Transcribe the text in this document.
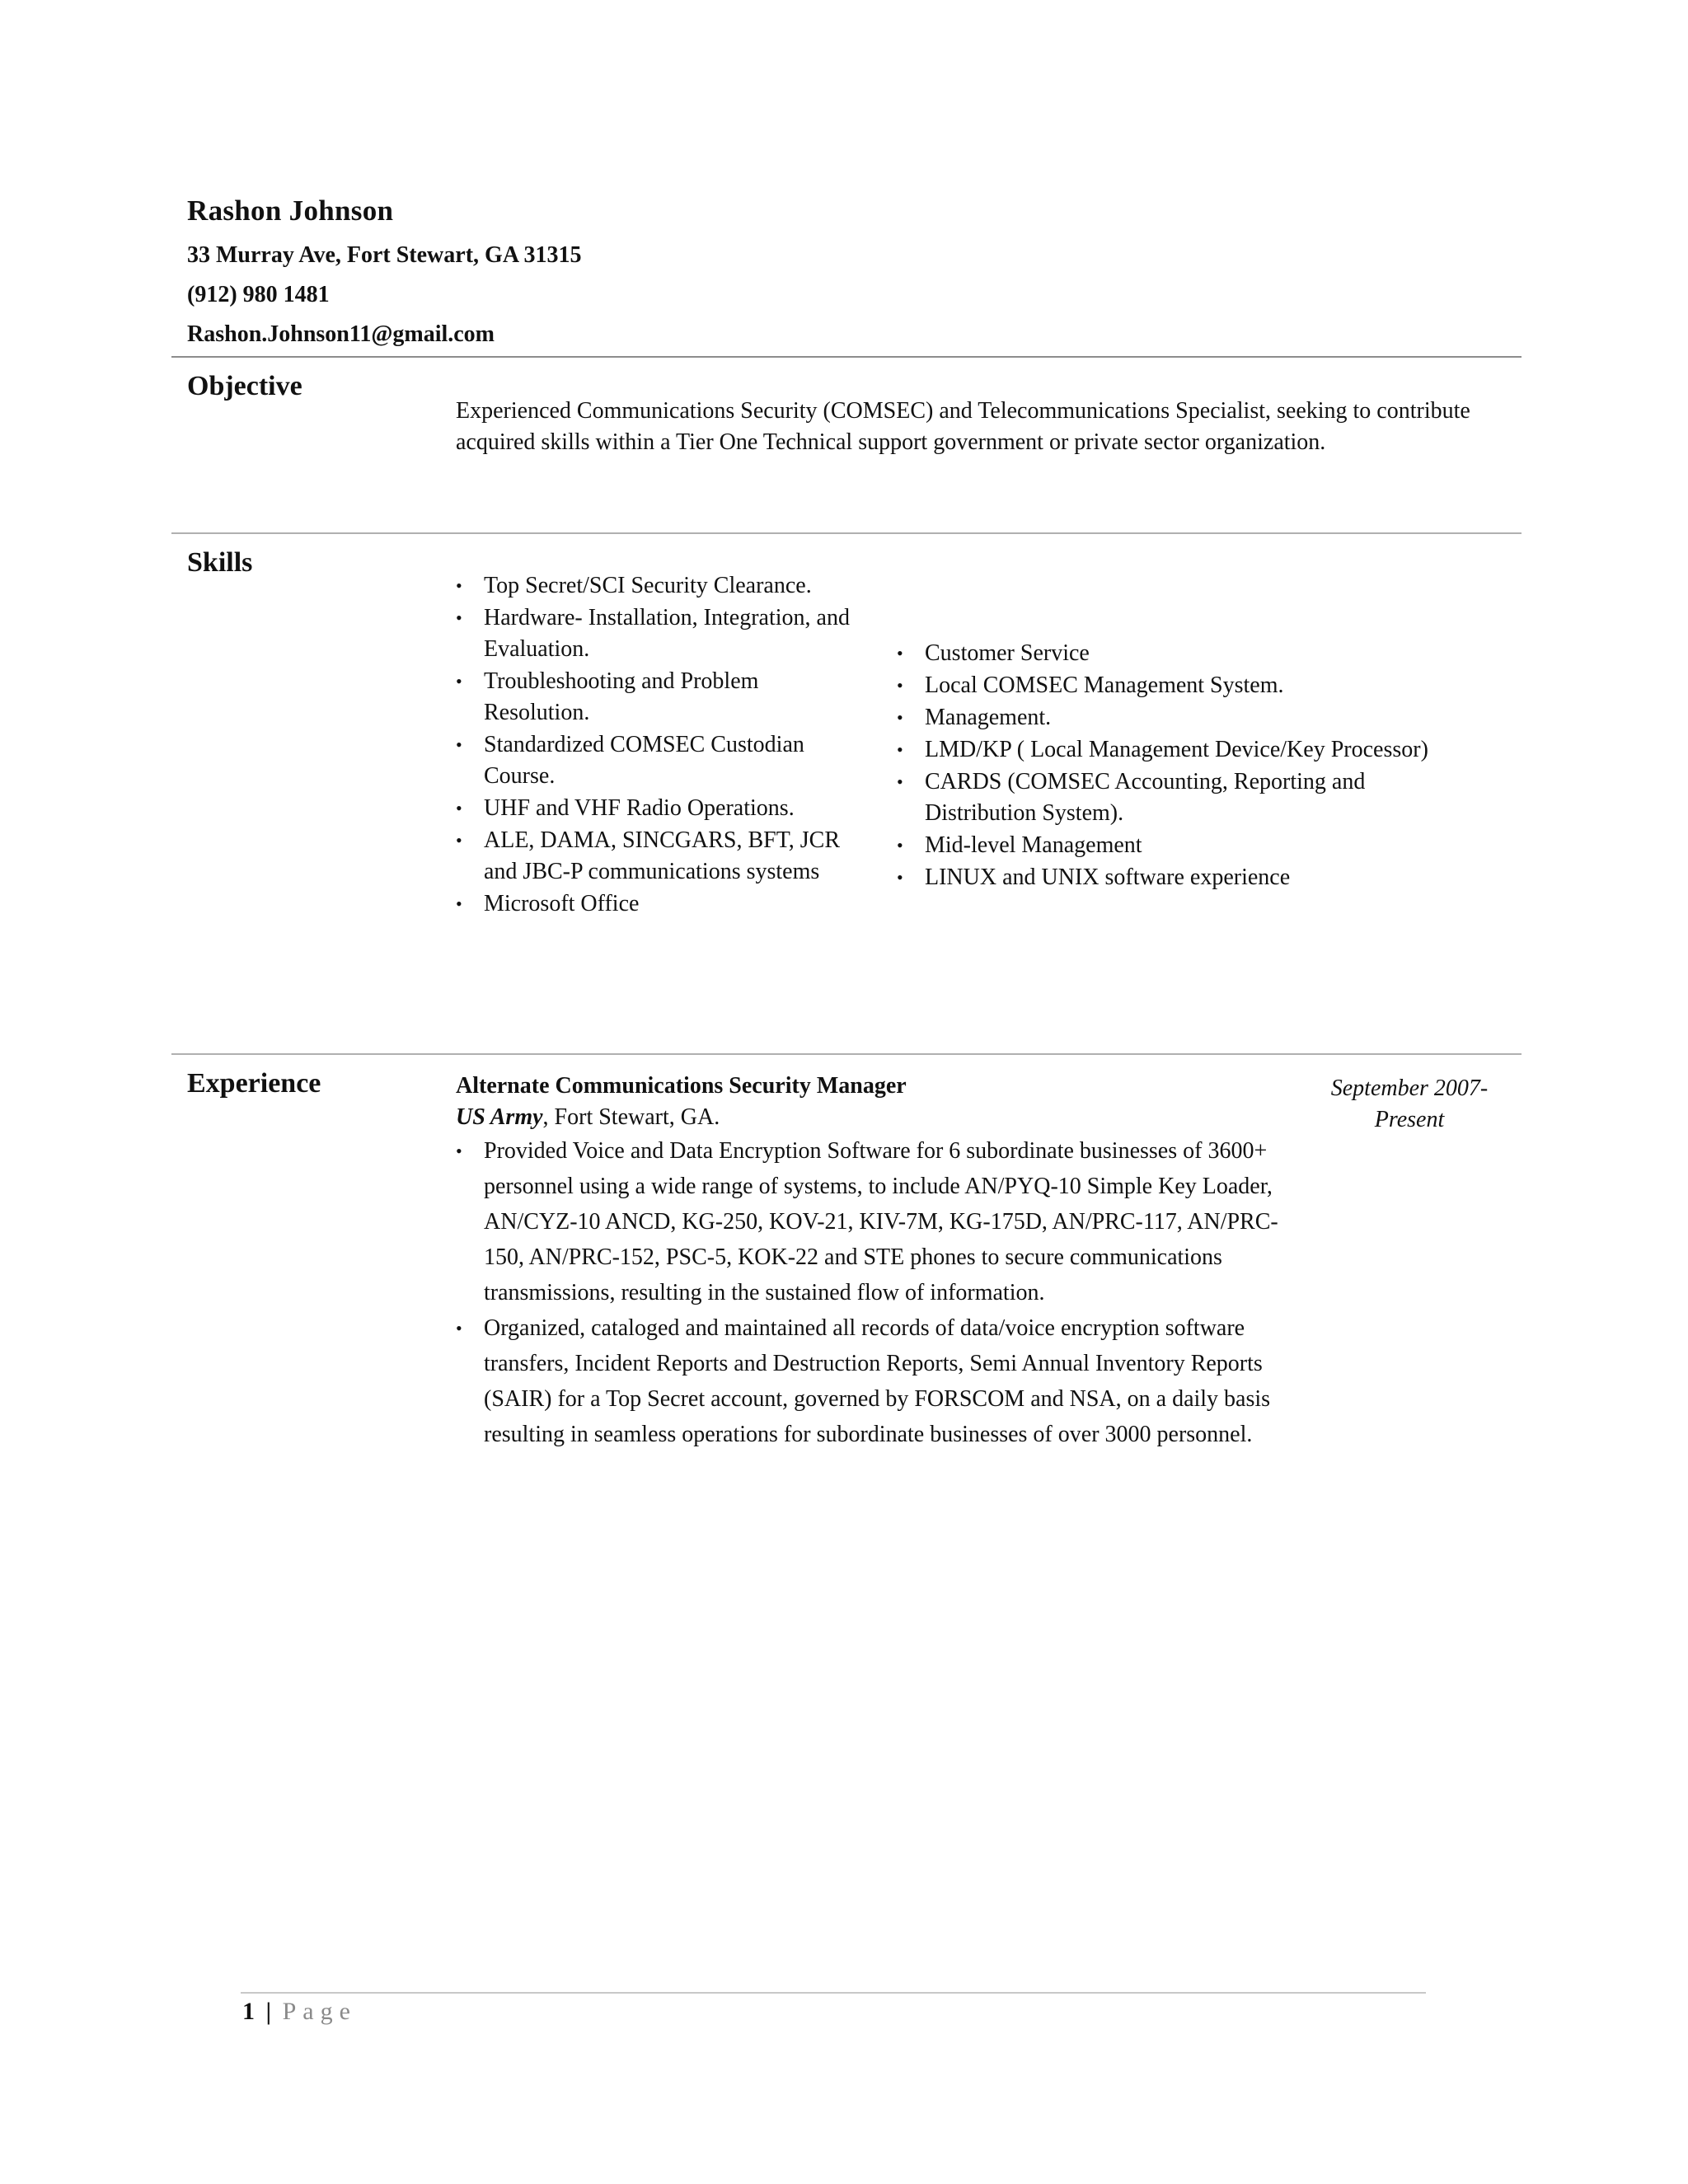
Rashon Johnson
33 Murray Ave, Fort Stewart, GA 31315
(912) 980 1481
Rashon.Johnson11@gmail.com
Objective
Experienced Communications Security (COMSEC) and Telecommunications Specialist, seeking to contribute acquired skills within a Tier One Technical support government or private sector organization.
Skills
• Top Secret/SCI Security Clearance.
• Hardware- Installation, Integration, and Evaluation.
• Troubleshooting and Problem Resolution.
• Standardized COMSEC Custodian Course.
• UHF and VHF Radio Operations.
• ALE, DAMA, SINCGARS, BFT, JCR and JBC-P communications systems
• Microsoft Office
• Customer Service
• Local COMSEC Management System.
• Management.
• LMD/KP ( Local Management Device/Key Processor)
• CARDS (COMSEC Accounting, Reporting and Distribution System).
• Mid-level Management
• LINUX and UNIX software experience
Experience	Alternate Communications Security Manager
US Army, Fort Stewart, GA.
September 2007-
Present
• Provided Voice and Data Encryption Software for 6 subordinate businesses of 3600+ personnel using a wide range of systems, to include AN/PYQ-10 Simple Key Loader, AN/CYZ-10 ANCD, KG-250, KOV-21, KIV-7M, KG-175D, AN/PRC-117, AN/PRC-150, AN/PRC-152, PSC-5, KOK-22 and STE phones to secure communications transmissions, resulting in the sustained flow of information.
• Organized, cataloged and maintained all records of data/voice encryption software transfers, Incident Reports and Destruction Reports, Semi Annual Inventory Reports (SAIR) for a Top Secret account, governed by FORSCOM and NSA, on a daily basis resulting in seamless operations for subordinate businesses of over 3000 personnel.
1 | Page
